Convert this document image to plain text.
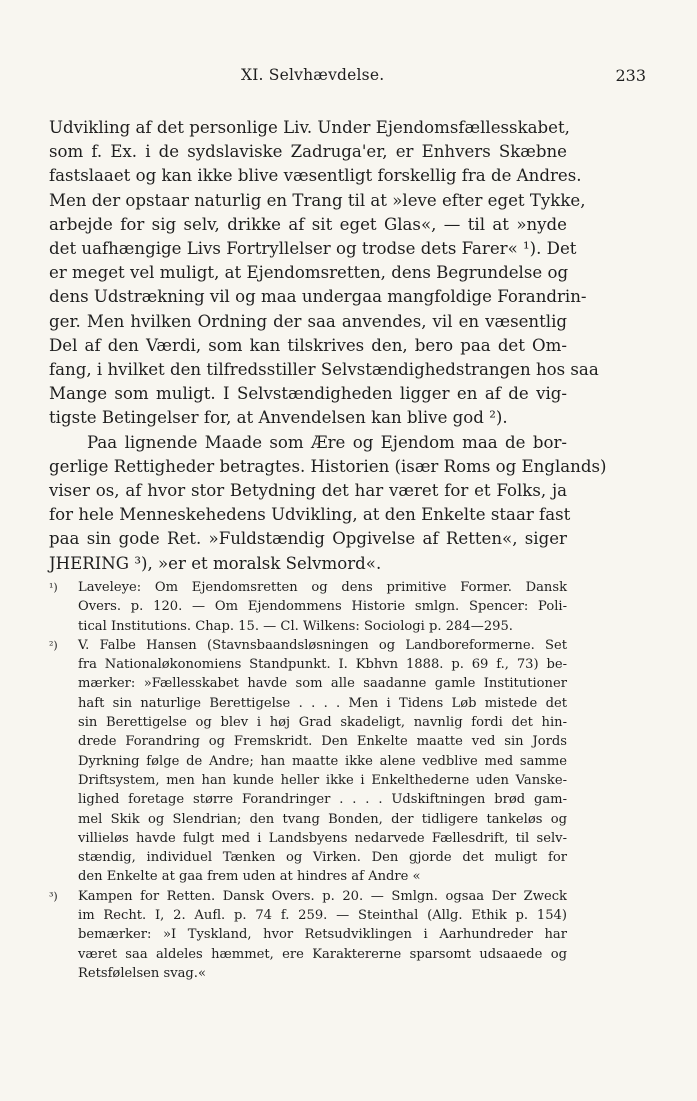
XI. Selvhævdelse.	233
Udvikling af det personlige Liv. Under Ejendomsfællesskabet,
som f. Ex. i de sydslaviske Zadruga'er, er Enhvers Skæbne
fastslaaet og kan ikke blive væsentligt forskellig fra de Andres.
Men der opstaar naturlig en Trang til at »leve efter eget Tykke,
arbejde for sig selv, drikke af sit eget Glas«, — til at »nyde
det uafhængige Livs Fortryllelser og trodse dets Farer« ¹). Det
er meget vel muligt, at Ejendomsretten, dens Begrundelse og
dens Udstrækning vil og maa undergaa mangfoldige Forandrin-
ger. Men hvilken Ordning der saa anvendes, vil en væsentlig
Del af den Værdi, som kan tilskrives den, bero paa det Om-
fang, i hvilket den tilfredsstiller Selvstændighedstrangen hos saa
Mange som muligt. I Selvstændigheden ligger en af de vig-
tigste Betingelser for, at Anvendelsen kan blive god ²).
Paa lignende Maade som Ære og Ejendom maa de bor-
gerlige Rettigheder betragtes. Historien (især Roms og Englands)
viser os, af hvor stor Betydning det har været for et Folks, ja
for hele Menneskehedens Udvikling, at den Enkelte staar fast
paa sin gode Ret. »Fuldstændig Opgivelse af Retten«, siger
JHERING ³), »er et moralsk Selvmord«.
¹) Laveleye: Om Ejendomsretten og dens primitive Former. Dansk
Overs. p. 120. — Om Ejendommens Historie smlgn. Spencer: Poli-
tical Institutions. Chap. 15. — Cl. Wilkens: Sociologi p. 284—295.
²) V. Falbe Hansen (Stavnsbaandsløsningen og Landboreformerne. Set
fra Nationaløkonomiens Standpunkt. I. Kbhvn 1888. p. 69 f., 73) be-
mærker: »Fællesskabet havde som alle saadanne gamle Institutioner
haft sin naturlige Berettigelse . . . . Men i Tidens Løb mistede det
sin Berettigelse og blev i høj Grad skadeligt, navnlig fordi det hin-
drede Forandring og Fremskridt. Den Enkelte maatte ved sin Jords
Dyrkning følge de Andre; han maatte ikke alene vedblive med samme
Driftsystem, men han kunde heller ikke i Enkelthederne uden Vanske-
lighed foretage større Forandringer . . . . Udskiftningen brød gam-
mel Skik og Slendrian; den tvang Bonden, der tidligere tankeløs og
villieløs havde fulgt med i Landsbyens nedarvede Fællesdrift, til selv-
stændig, individuel Tænken og Virken. Den gjorde det muligt for
den Enkelte at gaa frem uden at hindres af Andre «
³) Kampen for Retten. Dansk Overs. p. 20. — Smlgn. ogsaa Der Zweck
im Recht. I, 2. Aufl. p. 74 f. 259. — Steinthal (Allg. Ethik p. 154)
bemærker: »I Tyskland, hvor Retsudviklingen i Aarhundreder har
været saa aldeles hæmmet, ere Karaktererne sparsomt udsaaede og
Retsfølelsen svag.«
